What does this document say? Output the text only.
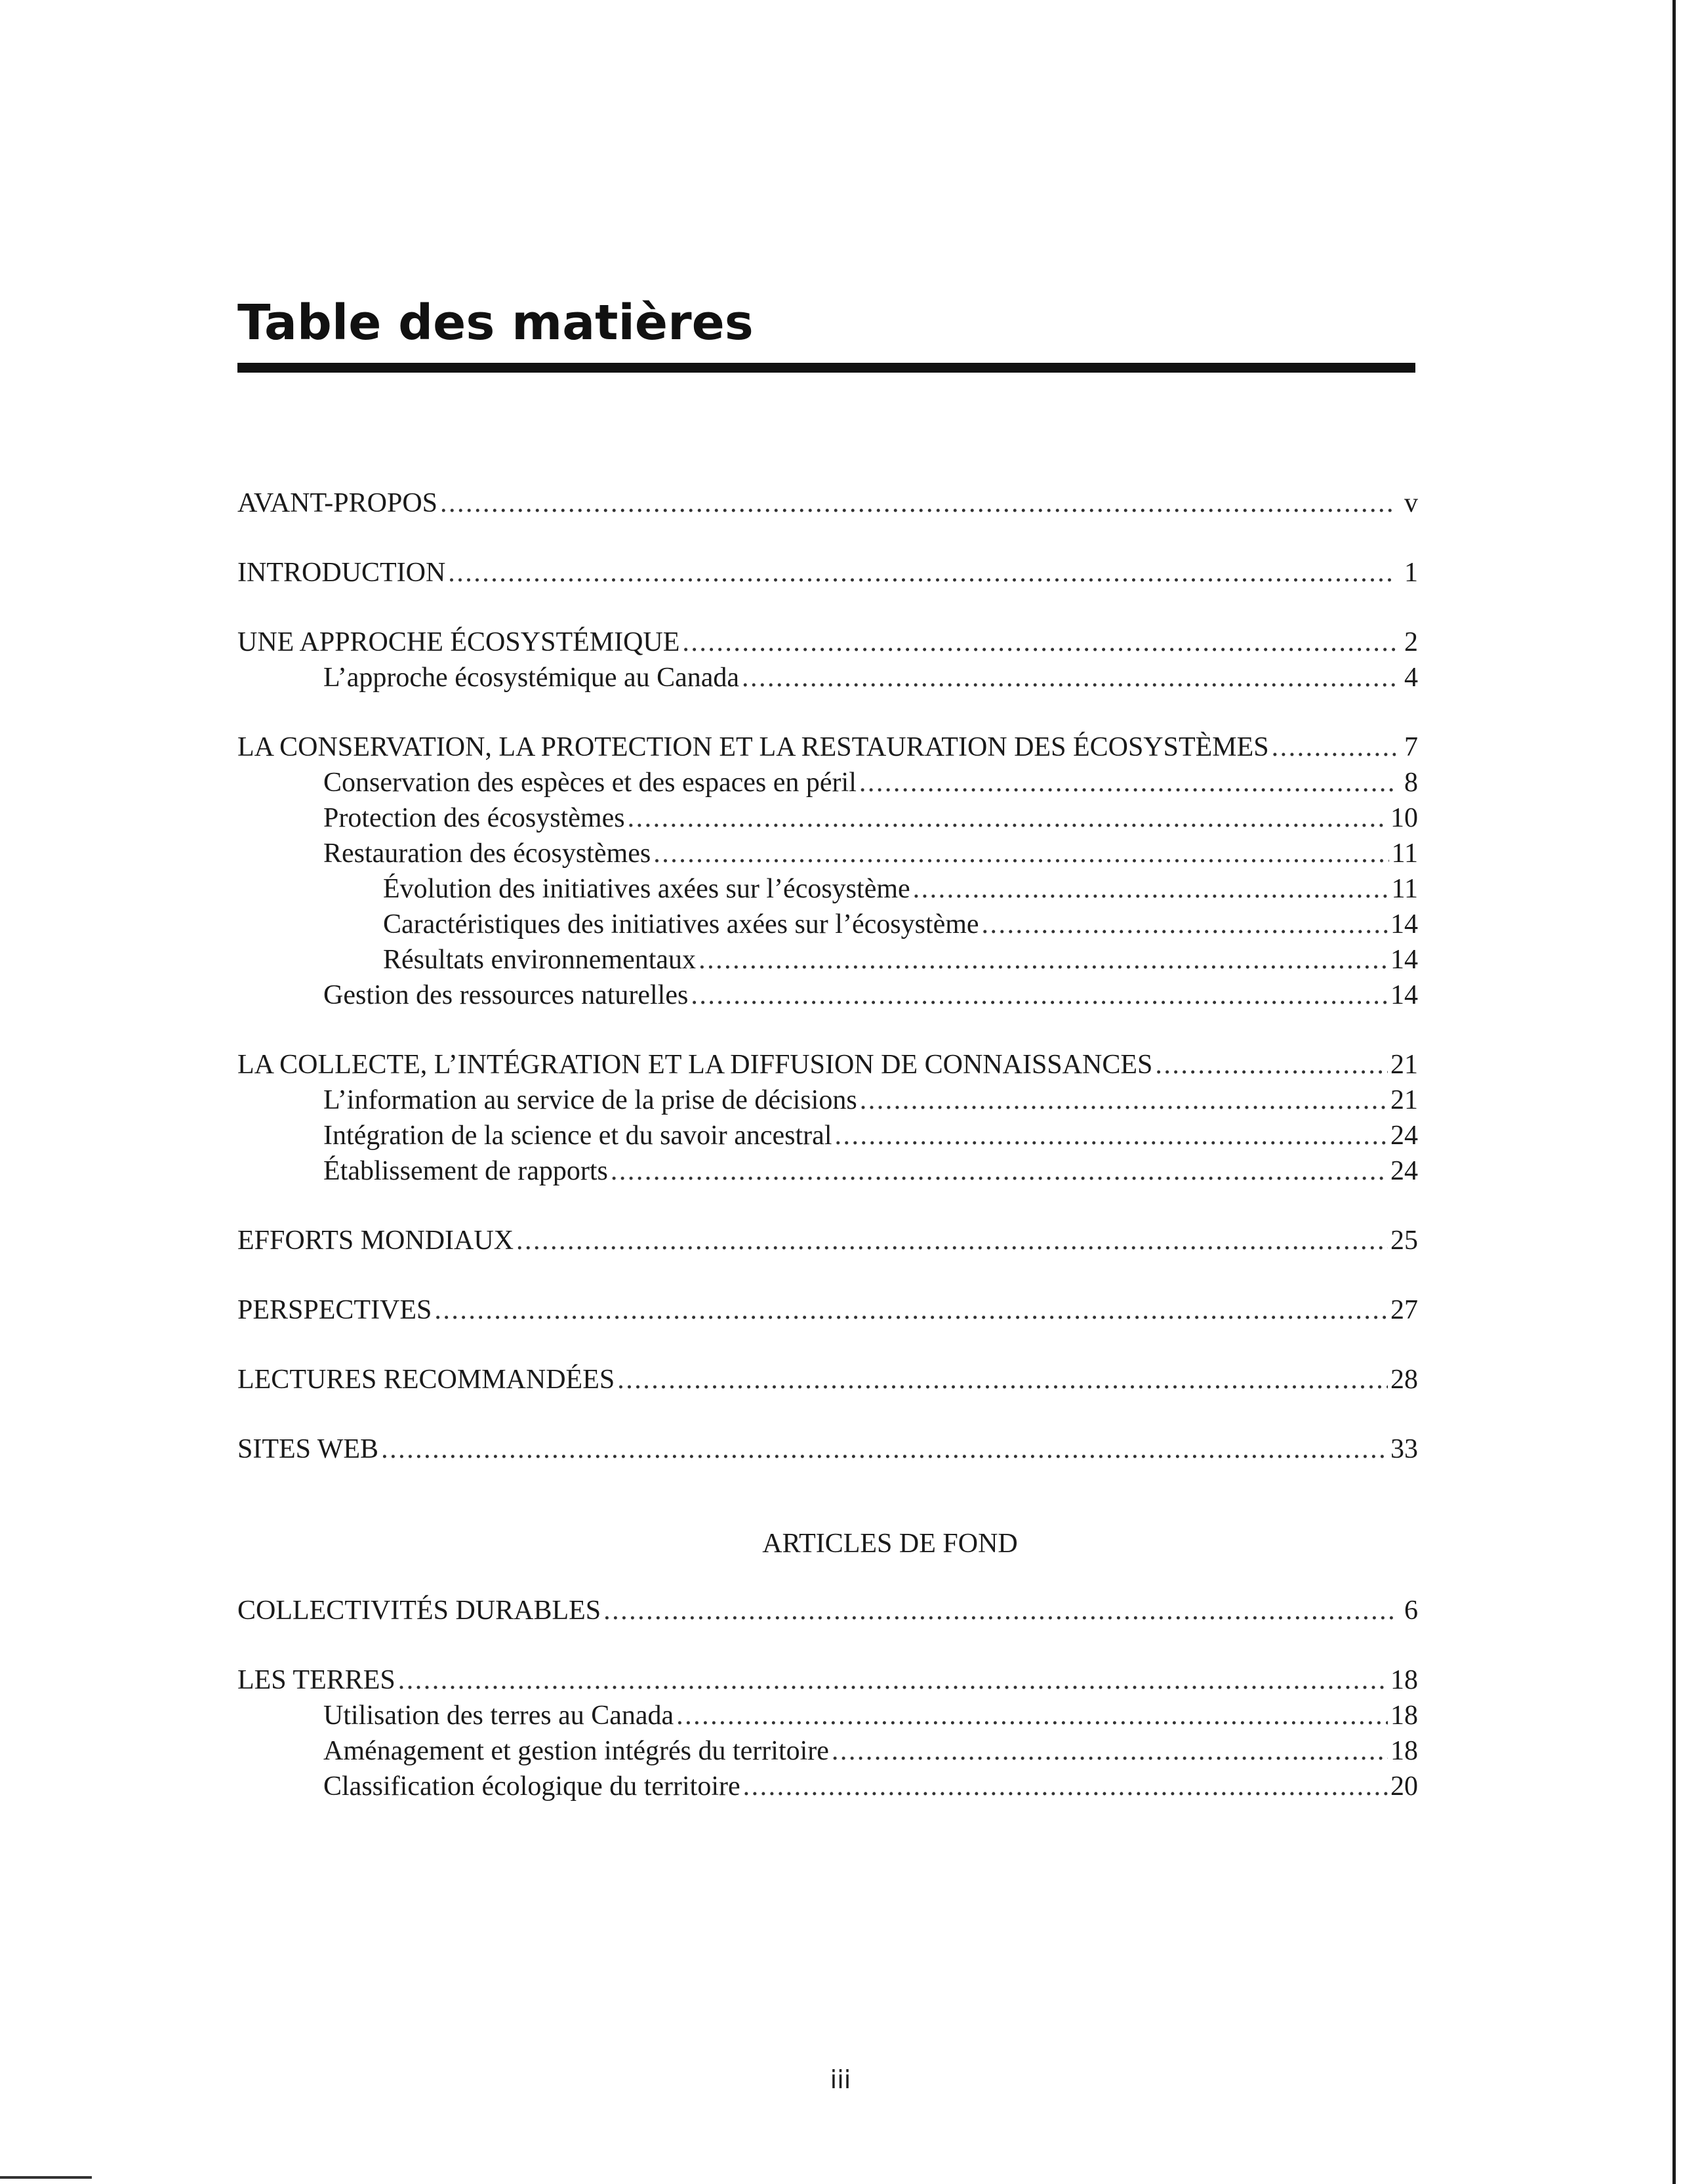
Table des matières
AVANT-PROPOS . . .	v
INTRODUCTION . . .	1
UNE APPROCHE ÉCOSYSTÉMIQUE . . .	2
L’approche écosystémique au Canada . . .	4
LA CONSERVATION, LA PROTECTION ET LA RESTAURATION DES ÉCOSYSTÈMES . . .	7
Conservation des espèces et des espaces en péril . . .	8
Protection des écosystèmes . . .	10
Restauration des écosystèmes . . .	11
Évolution des initiatives axées sur l’écosystème . . .	11
Caractéristiques des initiatives axées sur l’écosystème . . .	14
Résultats environnementaux . . .	14
Gestion des ressources naturelles . . .	14
LA COLLECTE, L’INTÉGRATION ET LA DIFFUSION DE CONNAISSANCES . . .	21
L’information au service de la prise de décisions . . .	21
Intégration de la science et du savoir ancestral . . .	24
Établissement de rapports . . .	24
EFFORTS MONDIAUX . . .	25
PERSPECTIVES . . .	27
LECTURES RECOMMANDÉES . . .	28
SITES WEB . . .	33
ARTICLES DE FOND
COLLECTIVITÉS DURABLES . . .	6
LES TERRES . . .	18
Utilisation des terres au Canada . . .	18
Aménagement et gestion intégrés du territoire . . .	18
Classification écologique du territoire . . .	20
iii
